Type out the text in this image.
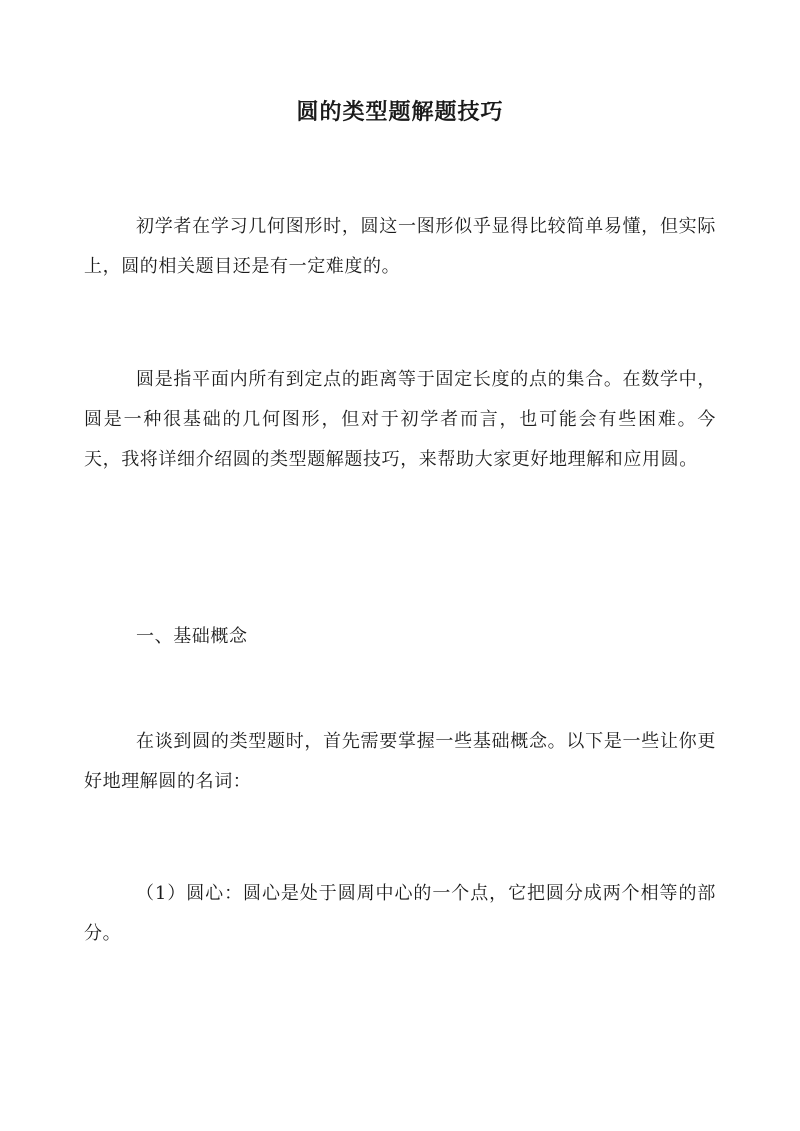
圆的类型题解题技巧

初学者在学习几何图形时，圆这一图形似乎显得比较简单易懂，但实际上，圆的相关题目还是有一定难度的。

圆是指平面内所有到定点的距离等于固定长度的点的集合。在数学中，圆是一种很基础的几何图形，但对于初学者而言，也可能会有些困难。今天，我将详细介绍圆的类型题解题技巧，来帮助大家更好地理解和应用圆。

一、基础概念

在谈到圆的类型题时，首先需要掌握一些基础概念。以下是一些让你更好地理解圆的名词：

（1）圆心：圆心是处于圆周中心的一个点，它把圆分成两个相等的部分。
